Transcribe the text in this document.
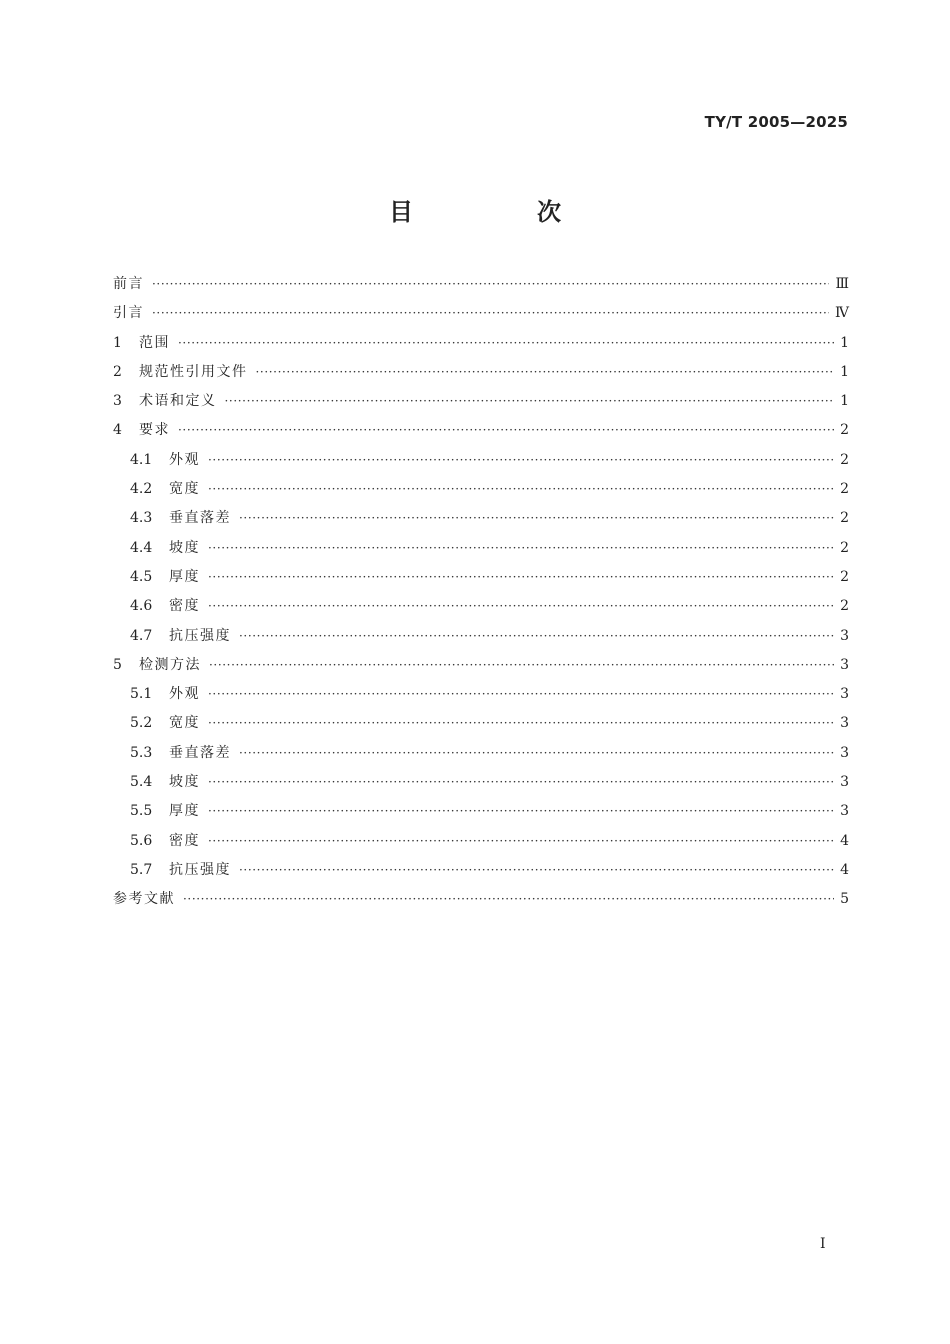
TY/T 2005—2025
目　次
前言 ·····	Ⅲ
引言 ·····	Ⅳ
1	范围 ·····	1
2	规范性引用文件 ·····	1
3	术语和定义 ·····	1
4	要求 ·····	2
4.1	外观 ·····	2
4.2	宽度 ·····	2
4.3	垂直落差 ·····	2
4.4	坡度 ·····	2
4.5	厚度 ·····	2
4.6	密度 ·····	2
4.7	抗压强度 ·····	3
5	检测方法 ·····	3
5.1	外观 ·····	3
5.2	宽度 ·····	3
5.3	垂直落差 ·····	3
5.4	坡度 ·····	3
5.5	厚度 ·····	3
5.6	密度 ·····	4
5.7	抗压强度 ·····	4
参考文献 ·····	5
Ⅰ
